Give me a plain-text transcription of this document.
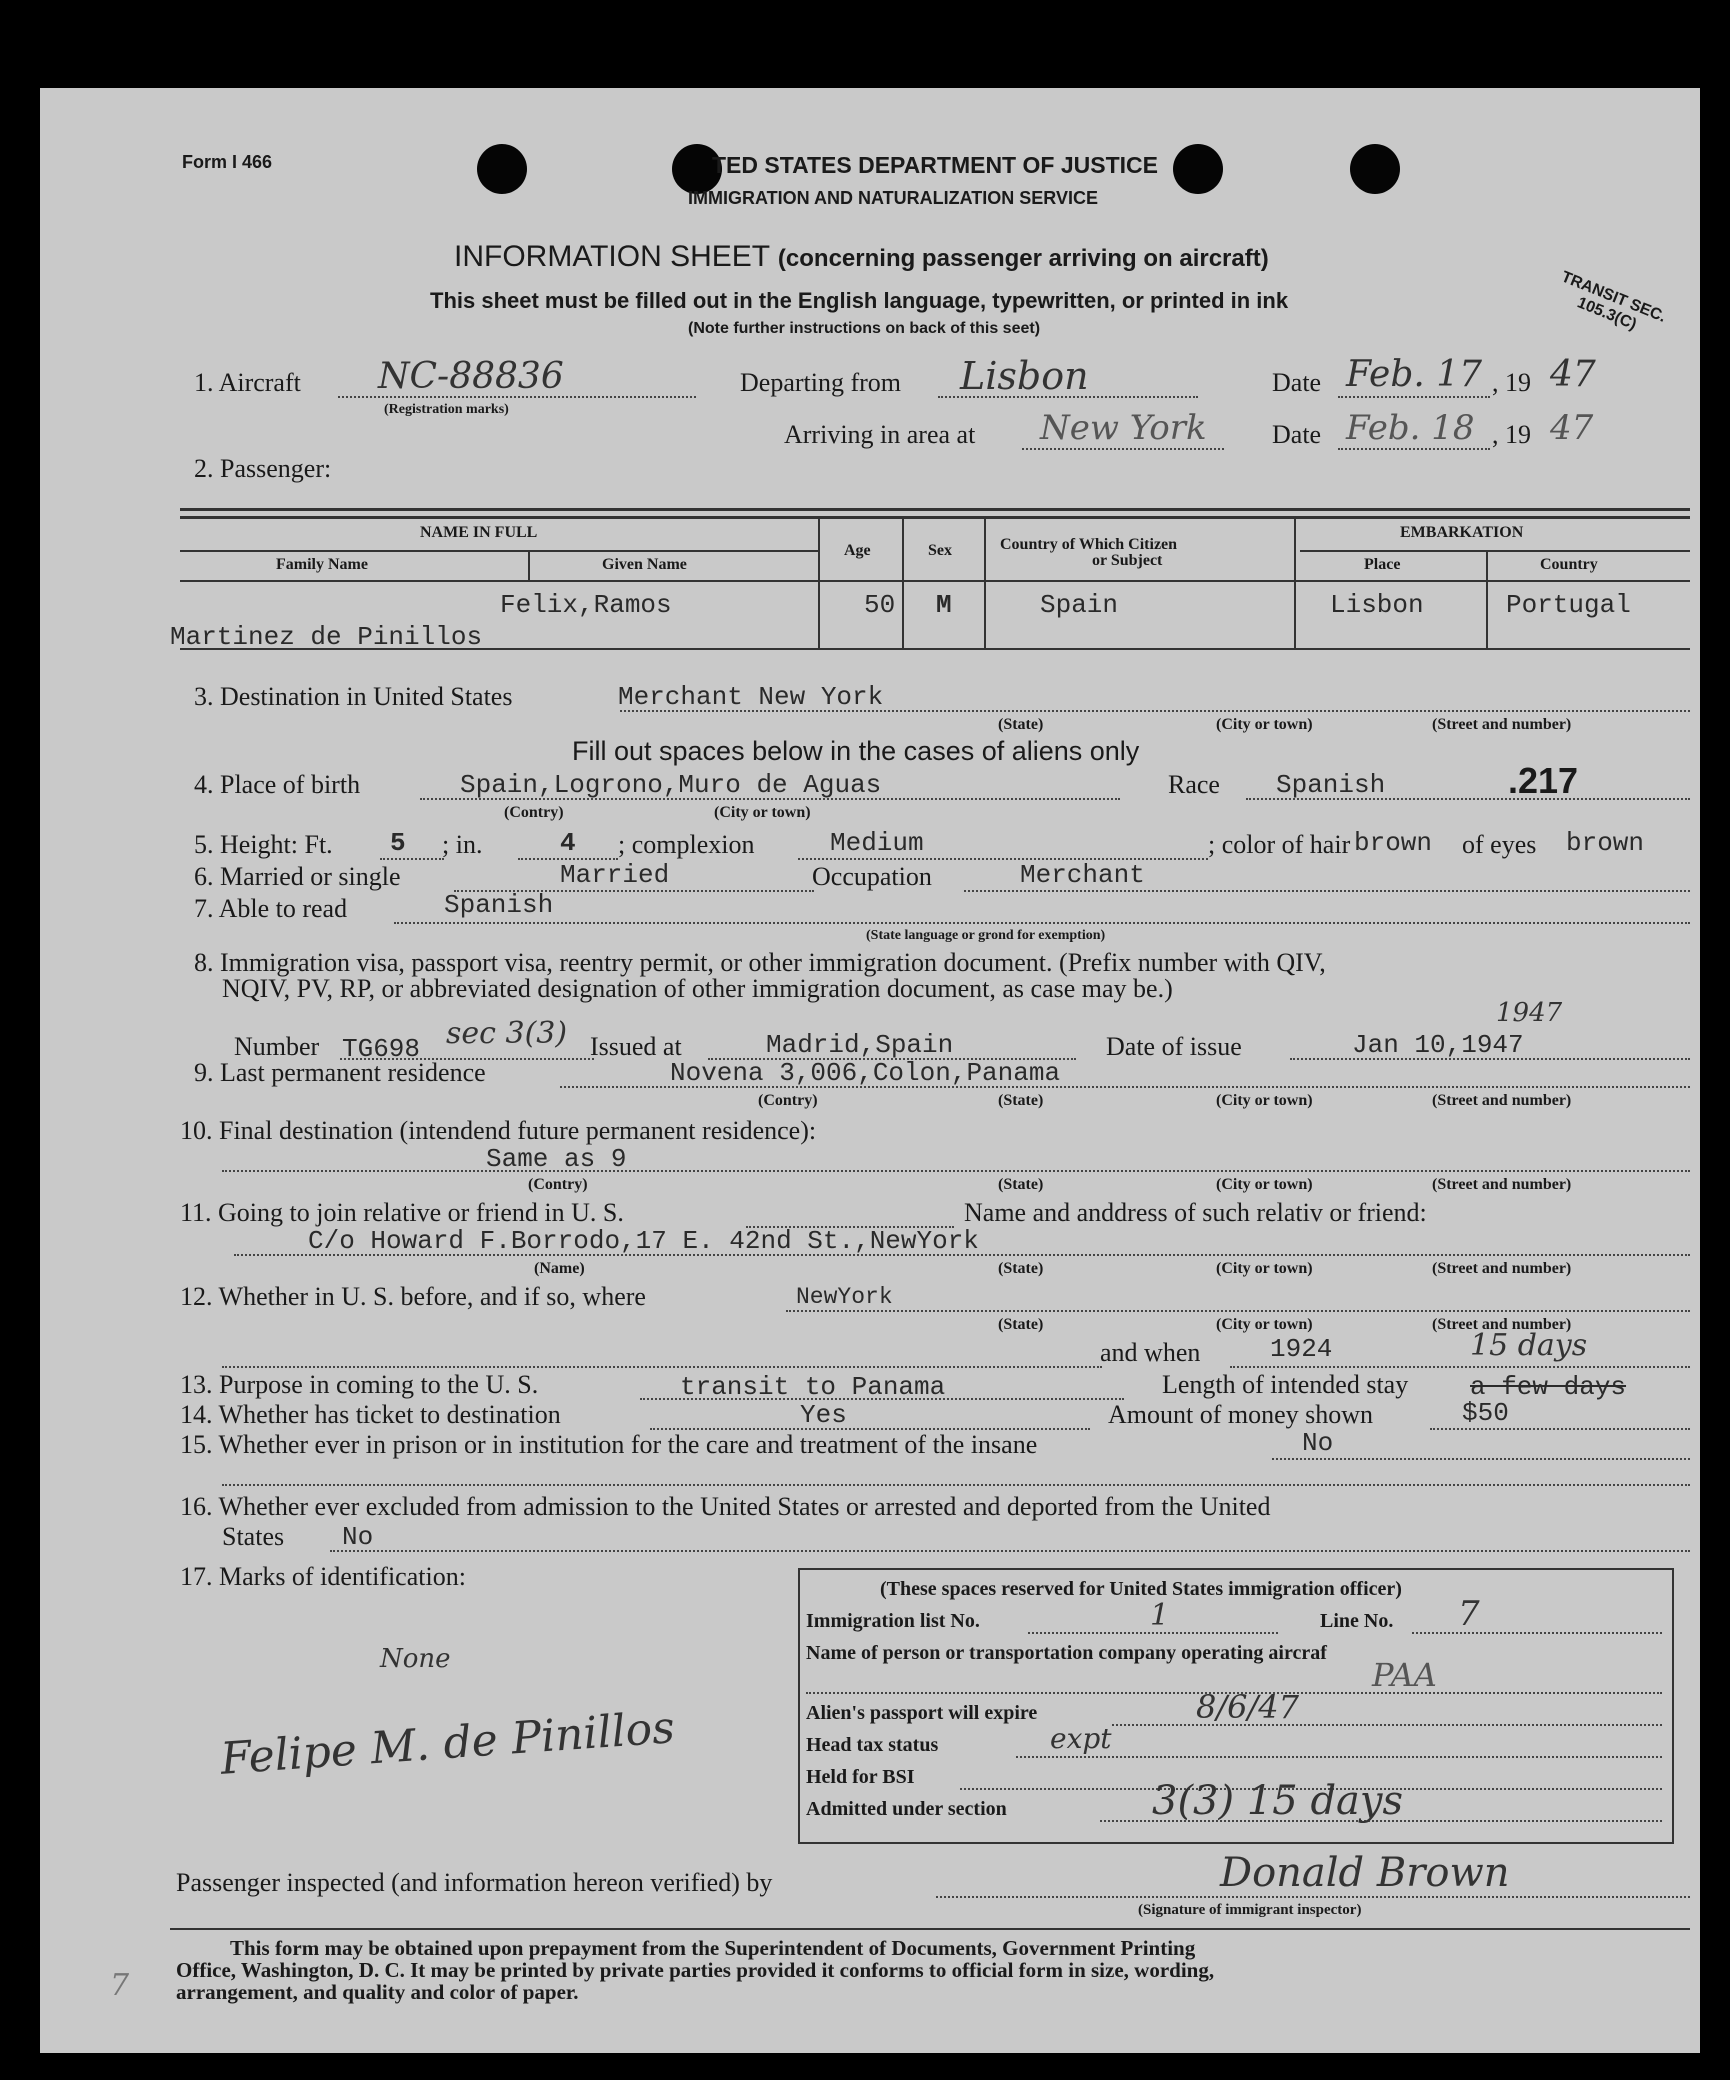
Form I 466	TED STATES DEPARTMENT OF JUSTICE
IMMIGRATION AND NATURALIZATION SERVICE
INFORMATION SHEET (concerning passenger arriving on aircraft)
This sheet must be filled out in the English language, typewritten, or printed in ink
(Note further instructions on back of this seet)
TRANSIT SEC. 105.3(C)
1. Aircraft NC-88836
(Registration marks)
Departing from Lisbon	Date Feb. 17 , 19 47
Arriving in area at New York	Date Feb. 18 , 19 47
2. Passenger:
NAME IN FULL
Family Name	Given Name
Age	Sex	Country of Which Citizen
or Subject
EMBARKATION
Place	Country
Felix,Ramos
Martinez de Pinillos
50 M	Spain	Lisbon	Portugal
3. Destination in United States	Merchant New York
(State)	(City or town)	(Street and number)
Fill out spaces below in the cases of aliens only
4. Place of birth	Spain,Logrono,Muro de Aguas
(Contry)	(City or town)
Race Spanish	.217
5. Height: Ft. 5 ; in.	4 ; complexion	Medium	; color of hair brown of eyes brown
6. Married or single	Married	Occupation	Merchant
7. Able to read	Spanish
(State language or grond for exemption)
8. Immigration visa, passport visa, reentry permit, or other immigration document. (Prefix number with QIV,
NQIV, PV, RP, or abbreviated designation of other immigration document, as case may be.)
Number TG698 sec 3(3) Issued at	Madrid,Spain	Date of issue	Jan 10,1947
1947
9. Last permanent residence	Novena 3,006,Colon,Panama
(Contry)	(State)	(City or town)	(Street and number)
10. Final destination (intendend future permanent residence):
Same as 9
(Contry)	(State)	(City or town)	(Street and number)
11. Going to join relative or friend in U. S.	Name and anddress of such relativ or friend:
C/o Howard F.Borrodo,17 E. 42nd St.,NewYork
(Name)	(State)	(City or town)	(Street and number)
12. Whether in U. S. before, and if so, where	NewYork
(State)	(City or town)	(Street and number)
and when	1924	15 days
13. Purpose in coming to the U. S.	transit to Panama	Length of intended stay a few days
14. Whether has ticket to destination	Yes	Amount of money shown	$50
15. Whether ever in prison or in institution for the care and treatment of the insane	No
16. Whether ever excluded from admission to the United States or arrested and deported from the United
States No
17. Marks of identification:
None
Felipe M. de Pinillos
(These spaces reserved for United States immigration officer)
Immigration list No.	1	Line No. 7
Name of person or transportation company operating aircraf
PAA
Alien's passport will expire	8/6/47
Head tax status	expt
Held for BSI
Admitted under section	3(3) 15 days
Passenger inspected (and information hereon verified) by	Donald Brown
(Signature of immigrant inspector)
This form may be obtained upon prepayment from the Superintendent of Documents, Government Printing
Office, Washington, D. C. It may be printed by private parties provided it conforms to official form in size, wording,
arrangement, and quality and color of paper.
7
